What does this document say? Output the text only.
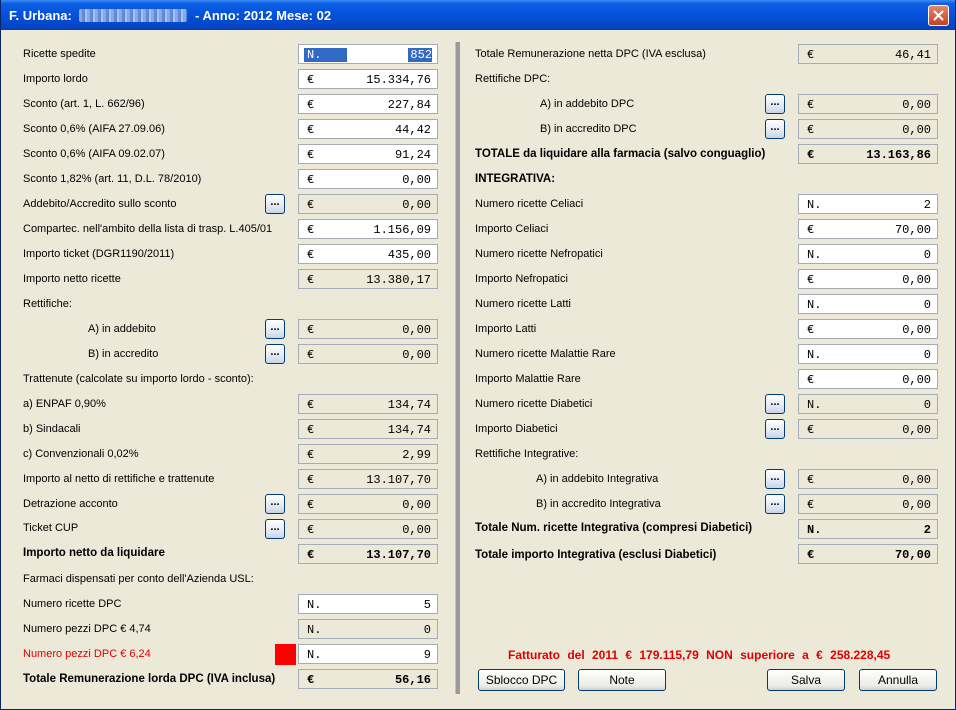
F. Urbana:	- Anno: 2012 Mese: 02
Ricette spedite	N.	852
Importo lordo	€	15.334,76
Sconto (art. 1, L. 662/96)	€	227,84
Sconto 0,6% (AIFA 27.09.06)	€	44,42
Sconto 0,6% (AIFA 09.02.07)	€	91,24
Sconto 1,82% (art. 11, D.L. 78/2010)	€	0,00
Addebito/Accredito sullo sconto	...	€	0,00
Compartec. nell'ambito della lista di trasp. L.405/01	€	1.156,09
Importo ticket (DGR1190/2011)	€	435,00
Importo netto ricette	€	13.380,17
Rettifiche:
A) in addebito	...	€	0,00
B) in accredito	...	€	0,00
Trattenute (calcolate su importo lordo - sconto):
a) ENPAF 0,90%	€	134,74
b) Sindacali	€	134,74
c) Convenzionali 0,02%	€	2,99
Importo al netto di rettifiche e trattenute	€	13.107,70
Detrazione acconto	...	€	0,00
Ticket CUP	...	€	0,00
Importo netto da liquidare	€	13.107,70
Farmaci dispensati per conto dell'Azienda USL:
Numero ricette DPC	N.	5
Numero pezzi DPC € 4,74	N.	0
Numero pezzi DPC € 6,24	N.	9
Totale Remunerazione lorda DPC (IVA inclusa)	€	56,16
Totale Remunerazione netta DPC (IVA esclusa)	€	46,41
Rettifiche DPC:
A) in addebito DPC	...	€	0,00
B) in accredito DPC	...	€	0,00
TOTALE da liquidare alla farmacia (salvo conguaglio)	€	13.163,86
INTEGRATIVA:
Numero ricette Celiaci	N.	2
Importo Celiaci	€	70,00
Numero ricette Nefropatici	N.	0
Importo Nefropatici	€	0,00
Numero ricette Latti	N.	0
Importo Latti	€	0,00
Numero ricette Malattie Rare	N.	0
Importo Malattie Rare	€	0,00
Numero ricette Diabetici	...	N.	0
Importo Diabetici	...	€	0,00
Rettifiche Integrative:
A) in addebito Integrativa	...	€	0,00
B) in accredito Integrativa	...	€	0,00
Totale Num. ricette Integrativa (compresi Diabetici)	N.	2
Totale importo Integrativa (esclusi Diabetici)	€	70,00
Fatturato del 2011 € 179.115,79 NON superiore a € 258.228,45
Sblocco DPC	Note	Salva	Annulla
